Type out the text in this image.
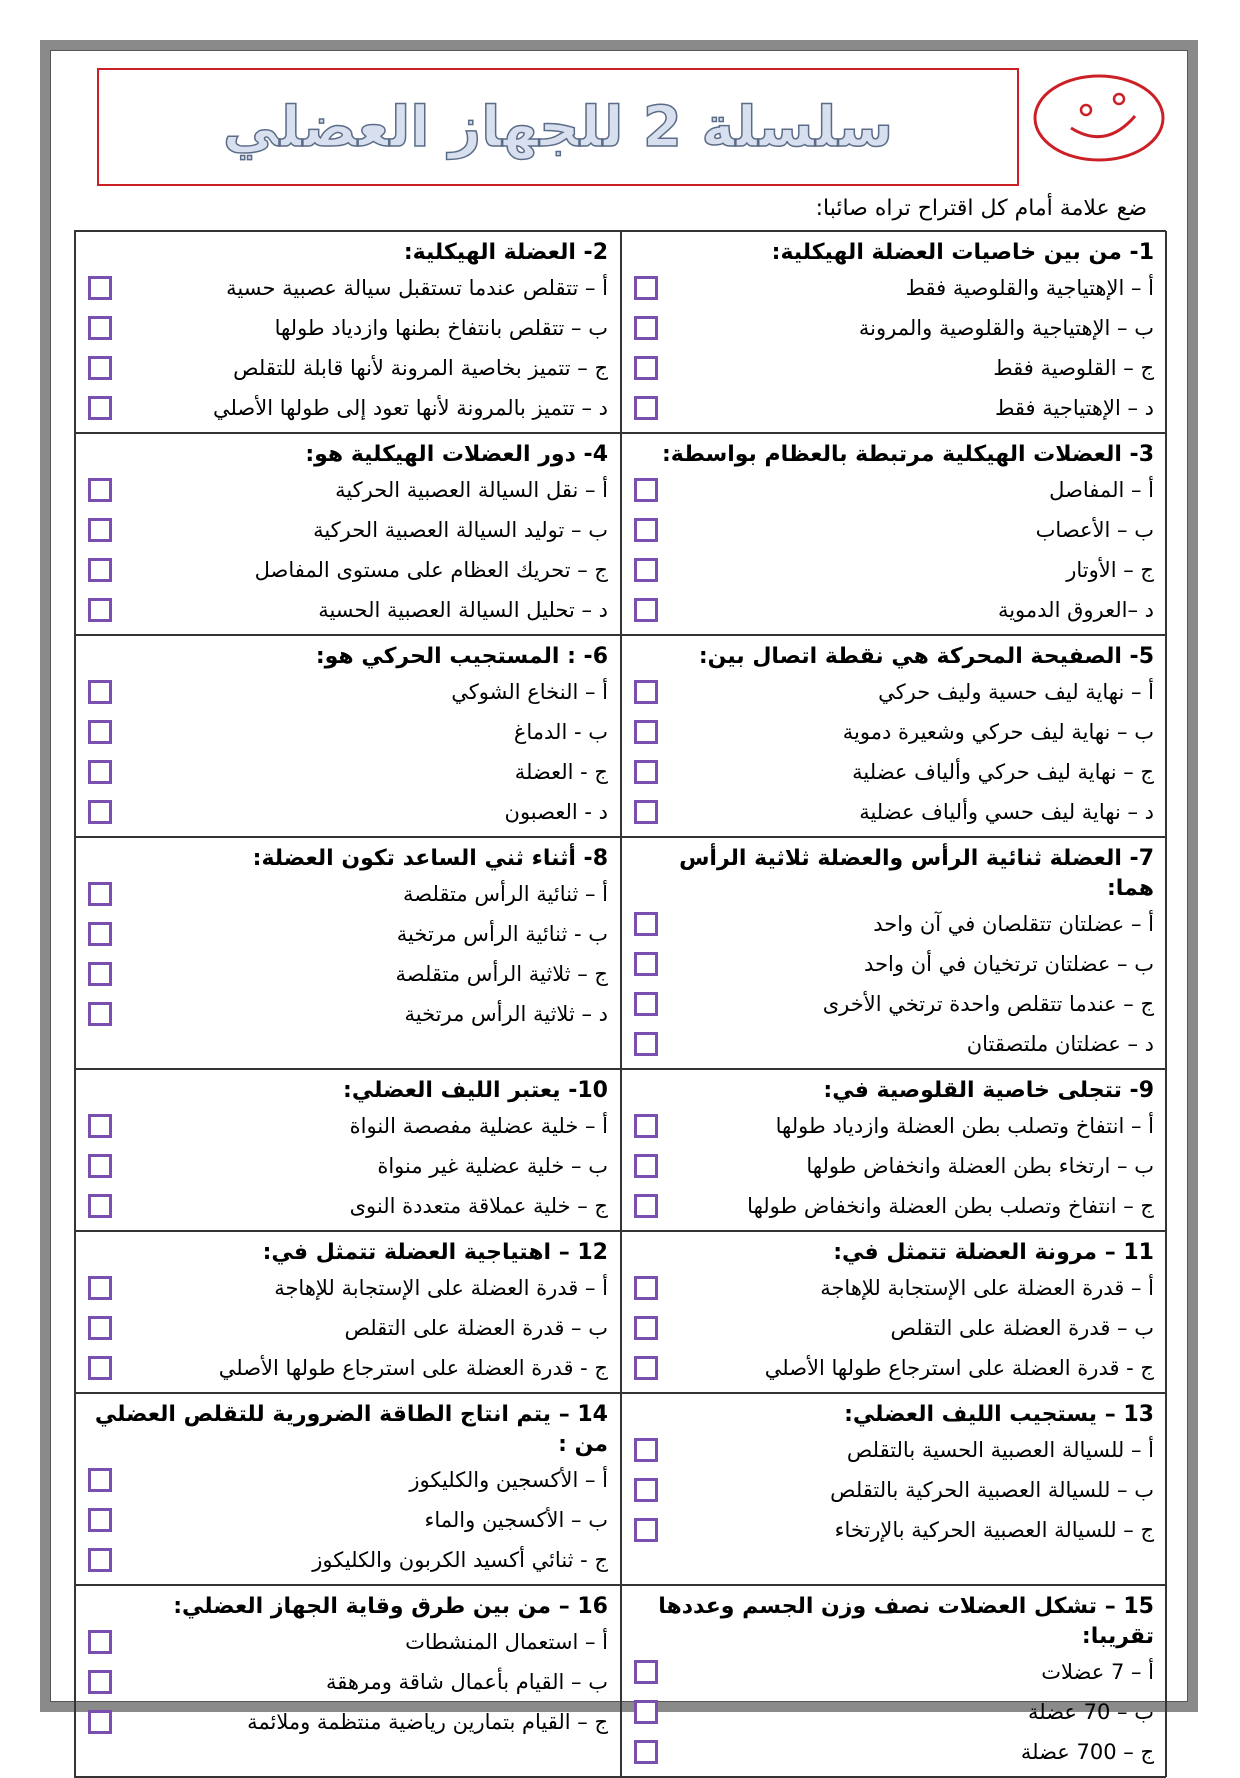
سلسلة 2 للجهاز العضلي
ضع علامة أمام كل اقتراح تراه صائبا:
2- العضلة الهيكلية:
أ – تتقلص عندما تستقبل سيالة عصبية حسية
ب – تتقلص بانتفاخ بطنها وازدياد طولها
ج – تتميز بخاصية المرونة لأنها قابلة للتقلص
د – تتميز بالمرونة لأنها تعود إلى طولها الأصلي
1- من بين خاصيات العضلة الهيكلية:
أ – الإهتياجية والقلوصية فقط
ب – الإهتياجية والقلوصية والمرونة
ج – القلوصية فقط
د – الإهتياجية فقط
4- دور العضلات الهيكلية هو:
أ – نقل السيالة العصبية الحركية
ب – توليد السيالة العصبية الحركية
ج – تحريك العظام على مستوى المفاصل
د – تحليل السيالة العصبية الحسية
3- العضلات الهيكلية مرتبطة بالعظام بواسطة:
أ – المفاصل
ب – الأعصاب
ج – الأوتار
د –العروق الدموية
6- : المستجيب الحركي هو:
أ – النخاع الشوكي
ب - الدماغ
ج - العضلة
د - العصبون
5- الصفيحة المحركة هي نقطة اتصال بين:
أ – نهاية ليف حسية وليف حركي
ب – نهاية ليف حركي وشعيرة دموية
ج – نهاية ليف حركي وألياف عضلية
د – نهاية ليف حسي وألياف عضلية
8- أثناء ثني الساعد تكون العضلة:
أ – ثنائية الرأس متقلصة
ب - ثنائية الرأس مرتخية
ج – ثلاثية الرأس متقلصة
د – ثلاثية الرأس مرتخية
7- العضلة ثنائية الرأس والعضلة ثلاثية الرأس هما:
أ – عضلتان تتقلصان في آن واحد
ب – عضلتان ترتخيان في أن واحد
ج – عندما تتقلص واحدة ترتخي الأخرى
د – عضلتان ملتصقتان
10- يعتبر الليف العضلي:
أ – خلية عضلية مفصصة النواة
ب – خلية عضلية غير منواة
ج – خلية عملاقة متعددة النوى
9- تتجلى خاصية القلوصية في:
أ – انتفاخ وتصلب بطن العضلة وازدياد طولها
ب – ارتخاء بطن العضلة وانخفاض طولها
ج – انتفاخ وتصلب بطن العضلة وانخفاض طولها
12 – اهتياجية العضلة تتمثل في:
أ – قدرة العضلة على الإستجابة للإهاجة
ب – قدرة العضلة على التقلص
ج - قدرة العضلة على استرجاع طولها الأصلي
11 – مرونة العضلة تتمثل في:
أ – قدرة العضلة على الإستجابة للإهاجة
ب – قدرة العضلة على التقلص
ج - قدرة العضلة على استرجاع طولها الأصلي
14 – يتم انتاج الطاقة الضرورية للتقلص العضلي من :
أ – الأكسجين والكليكوز
ب – الأكسجين والماء
ج - ثنائي أكسيد الكربون والكليكوز
13 – يستجيب الليف العضلي:
أ – للسيالة العصبية الحسية بالتقلص
ب – للسيالة العصبية الحركية بالتقلص
ج – للسيالة العصبية الحركية بالإرتخاء
16 – من بين طرق وقاية الجهاز العضلي:
أ – استعمال المنشطات
ب – القيام بأعمال شاقة ومرهقة
ج – القيام بتمارين رياضية منتظمة وملائمة
15 – تشكل العضلات نصف وزن الجسم وعددها تقريبا:
أ – 7 عضلات
ب – 70 عضلة
ج – 700 عضلة
